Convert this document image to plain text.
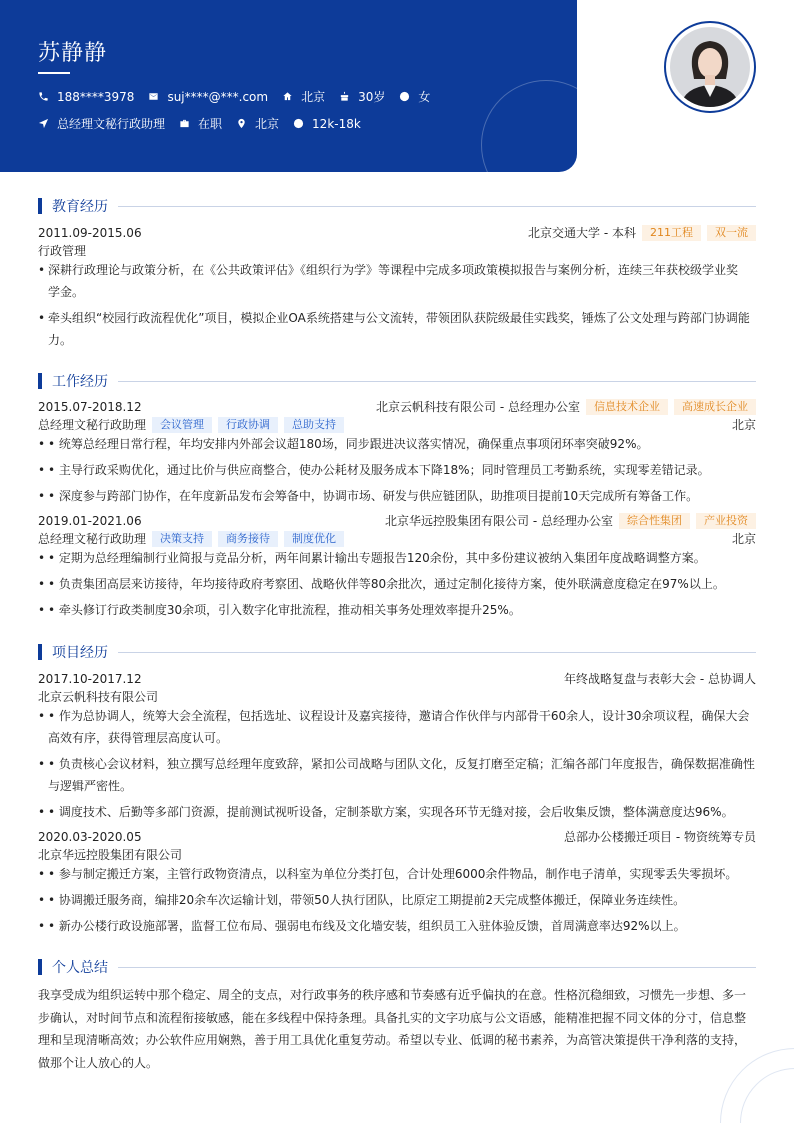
苏静静
188****3978	suj****@***.com	北京	30岁	女
总经理文秘行政助理	在职	北京	12k-18k
教育经历
2011.09-2015.06	北京交通大学 - 本科	211工程	双一流
行政管理
• 深耕行政理论与政策分析，在《公共政策评估》《组织行为学》等课程中完成多项政策模拟报告与案例分析，连续三年获校级学业奖
学金。
• 牵头组织“校园行政流程优化”项目，模拟企业OA系统搭建与公文流转，带领团队获院级最佳实践奖，锤炼了公文处理与跨部门协调能
力。
工作经历
2015.07-2018.12	北京云帆科技有限公司 - 总经理办公室	信息技术企业	高速成长企业
总经理文秘行政助理	会议管理	行政协调	总助支持	北京
• • 统筹总经理日常行程，年均安排内外部会议超180场，同步跟进决议落实情况，确保重点事项闭环率突破92%。
• • 主导行政采购优化，通过比价与供应商整合，使办公耗材及服务成本下降18%；同时管理员工考勤系统，实现零差错记录。
• • 深度参与跨部门协作，在年度新品发布会筹备中，协调市场、研发与供应链团队，助推项目提前10天完成所有筹备工作。
2019.01-2021.06	北京华远控股集团有限公司 - 总经理办公室	综合性集团	产业投资
总经理文秘行政助理	决策支持	商务接待	制度优化	北京
• • 定期为总经理编制行业简报与竞品分析，两年间累计输出专题报告120余份，其中多份建议被纳入集团年度战略调整方案。
• • 负责集团高层来访接待，年均接待政府考察团、战略伙伴等80余批次，通过定制化接待方案，使外联满意度稳定在97%以上。
• • 牵头修订行政类制度30余项，引入数字化审批流程，推动相关事务处理效率提升25%。
项目经历
2017.10-2017.12	年终战略复盘与表彰大会 - 总协调人
北京云帆科技有限公司
• • 作为总协调人，统筹大会全流程，包括选址、议程设计及嘉宾接待，邀请合作伙伴与内部骨干60余人，设计30余项议程，确保大会
高效有序，获得管理层高度认可。
• • 负责核心会议材料，独立撰写总经理年度致辞，紧扣公司战略与团队文化，反复打磨至定稿；汇编各部门年度报告，确保数据准确性
与逻辑严密性。
• • 调度技术、后勤等多部门资源，提前测试视听设备，定制茶歇方案，实现各环节无缝对接，会后收集反馈，整体满意度达96%。
2020.03-2020.05	总部办公楼搬迁项目 - 物资统筹专员
北京华远控股集团有限公司
• • 参与制定搬迁方案，主管行政物资清点，以科室为单位分类打包，合计处理6000余件物品，制作电子清单，实现零丢失零损坏。
• • 协调搬迁服务商，编排20余车次运输计划，带领50人执行团队，比原定工期提前2天完成整体搬迁，保障业务连续性。
• • 新办公楼行政设施部署，监督工位布局、强弱电布线及文化墙安装，组织员工入驻体验反馈，首周满意率达92%以上。
个人总结
我享受成为组织运转中那个稳定、周全的支点，对行政事务的秩序感和节奏感有近乎偏执的在意。性格沉稳细致，习惯先一步想、多一
步确认，对时间节点和流程衔接敏感，能在多线程中保持条理。具备扎实的文字功底与公文语感，能精准把握不同文体的分寸，信息整
理和呈现清晰高效；办公软件应用娴熟，善于用工具优化重复劳动。希望以专业、低调的秘书素养，为高管决策提供干净利落的支持，
做那个让人放心的人。
